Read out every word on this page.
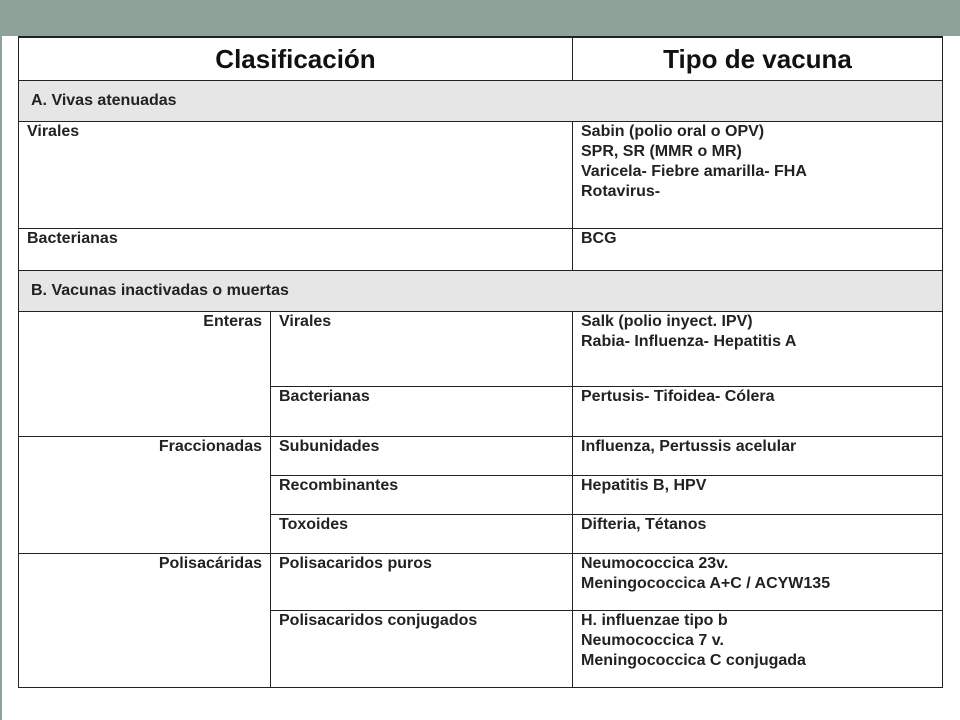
Clasificación		Tipo de vacuna
A. Vivas atenuadas		
Virales		Sabin (polio oral o OPV)
SPR, SR (MMR o MR)
Varicela- Fiebre amarilla- FHA
Rotavirus-

Bacterianas		BCG

B. Vacunas inactivadas o muertas		
Enteras	Virales	Salk (polio inyect. IPV)
Rabia- Influenza- Hepatitis A

	Bacterianas	Pertusis- Tifoidea- Cólera

Fraccionadas	Subunidades	Influenza, Pertussis acelular

	Recombinantes	Hepatitis B, HPV

	Toxoides	Difteria, Tétanos

Polisacáridas	Polisacaridos puros	Neumococcica 23v.
Meningococcica A+C / ACYW135

	Polisacaridos conjugados	H. influenzae tipo b
Neumococcica 7 v.
Meningococcica C conjugada
